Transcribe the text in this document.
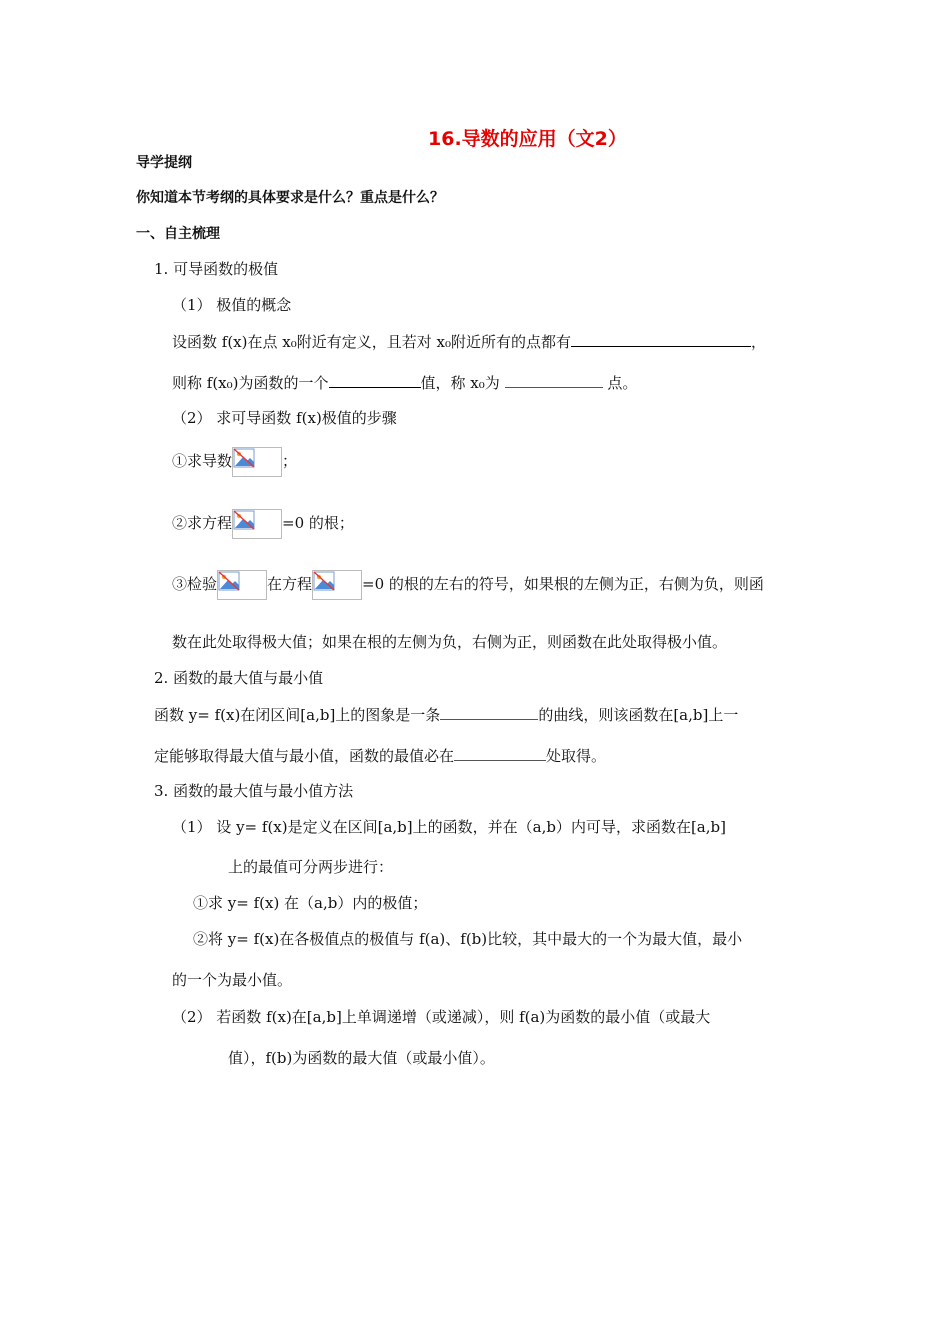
16.导数的应用（文2）
导学提纲
你知道本节考纲的具体要求是什么？重点是什么？
一、自主梳理
1. 可导函数的极值
（1） 极值的概念
设函数 f(x)在点 x₀附近有定义，且若对 x₀附近所有的点都有	，
则称 f(x₀)为函数的一个	值，称 x₀为	点。
（2） 求可导函数 f(x)极值的步骤
①求导数	；
②求方程	=0 的根；
③检验	在方程	=0 的根的左右的符号，如果根的左侧为正，右侧为负，则函
数在此处取得极大值；如果在根的左侧为负，右侧为正，则函数在此处取得极小值。
2. 函数的最大值与最小值
函数 y= f(x)在闭区间[a,b]上的图象是一条	的曲线，则该函数在[a,b]上一
定能够取得最大值与最小值，函数的最值必在	处取得。
3. 函数的最大值与最小值方法
（1） 设 y= f(x)是定义在区间[a,b]上的函数，并在（a,b）内可导，求函数在[a,b]
上的最值可分两步进行：
①求 y= f(x) 在（a,b）内的极值；
②将 y= f(x)在各极值点的极值与 f(a)、f(b)比较，其中最大的一个为最大值，最小
的一个为最小值。
（2） 若函数 f(x)在[a,b]上单调递增（或递减），则 f(a)为函数的最小值（或最大
值），f(b)为函数的最大值（或最小值）。
